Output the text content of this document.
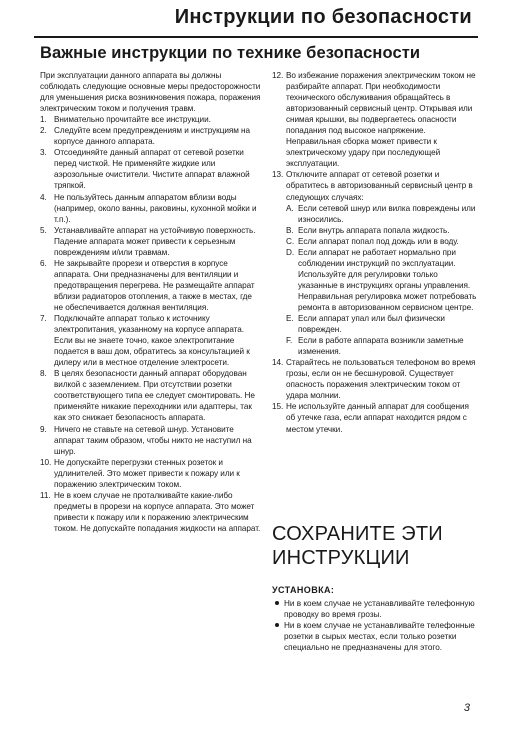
Инструкции по безопасности
Важные инструкции по технике безопасности
При эксплуатации данного аппарата вы должны соблюдать следующие основные меры предосторожности для уменьшения риска возникновения пожара, поражения электрическим током и получения травм.
1. Внимательно прочитайте все инструкции.
2. Следуйте всем предупреждениям и инструкциям на корпусе данного аппарата.
3. Отсоединяйте данный аппарат от сетевой розетки перед чисткой. Не применяйте жидкие или аэрозольные очистители. Чистите аппарат влажной тряпкой.
4. Не пользуйтесь данным аппаратом вблизи воды (например, около ванны, раковины, кухонной мойки и т.п.).
5. Устанавливайте аппарат на устойчивую поверхность. Падение аппарата может привести к серьезным повреждениям и/или травмам.
6. Не закрывайте прорези и отверстия в корпусе аппарата. Они предназначены для вентиляции и предотвращения перегрева. Не размещайте аппарат вблизи радиаторов отопления, а также в местах, где не обеспечивается должная вентиляция.
7. Подключайте аппарат только к источнику электропитания, указанному на корпусе аппарата. Если вы не знаете точно, какое электропитание подается в ваш дом, обратитесь за консультацией к дилеру или в местное отделение электросети.
8. В целях безопасности данный аппарат оборудован вилкой с заземлением. При отсутствии розетки соответствующего типа ее следует смонтировать. Не применяйте никакие переходники или адаптеры, так как это снижает безопасность аппарата.
9. Ничего не ставьте на сетевой шнур. Установите аппарат таким образом, чтобы никто не наступил на шнур.
10. Не допускайте перегрузки стенных розеток и удлинителей. Это может привести к пожару или к поражению электрическим током.
11. Не в коем случае не проталкивайте какие-либо предметы в прорези на корпусе аппарата. Это может привести к пожару или к поражению электрическим током. Не допускайте попадания жидкости на аппарат.
12. Во избежание поражения электрическим током не разбирайте аппарат. При необходимости технического обслуживания обращайтесь в авторизованный сервисный центр. Открывая или снимая крышки, вы подвергаетесь опасности попадания под высокое напряжение. Неправильная сборка может привести к электрическому удару при последующей эксплуатации.
13. Отключите аппарат от сетевой розетки и обратитесь в авторизованный сервисный центр в следующих случаях:
A. Если сетевой шнур или вилка повреждены или износились.
B. Если внутрь аппарата попала жидкость.
C. Если аппарат попал под дождь или в воду.
D. Если аппарат не работает нормально при соблюдении инструкций по эксплуатации. Используйте для регулировки только указанные в инструкциях органы управления. Неправильная регулировка может потребовать ремонта в авторизованном сервисном центре.
E. Если аппарат упал или был физически поврежден.
F. Если в работе аппарата возникли заметные изменения.
14. Старайтесь не пользоваться телефоном во время грозы, если он не бесшнуровой. Существует опасность поражения электрическим током от удара молнии.
15. Не используйте данный аппарат для сообщения об утечке газа, если аппарат находится рядом с местом утечки.
СОХРАНИТЕ ЭТИ ИНСТРУКЦИИ
УСТАНОВКА:
Ни в коем случае не устанавливайте телефонную проводку во время грозы.
Ни в коем случае не устанавливайте телефонные розетки в сырых местах, если только розетки специально не предназначены для этого.
3
